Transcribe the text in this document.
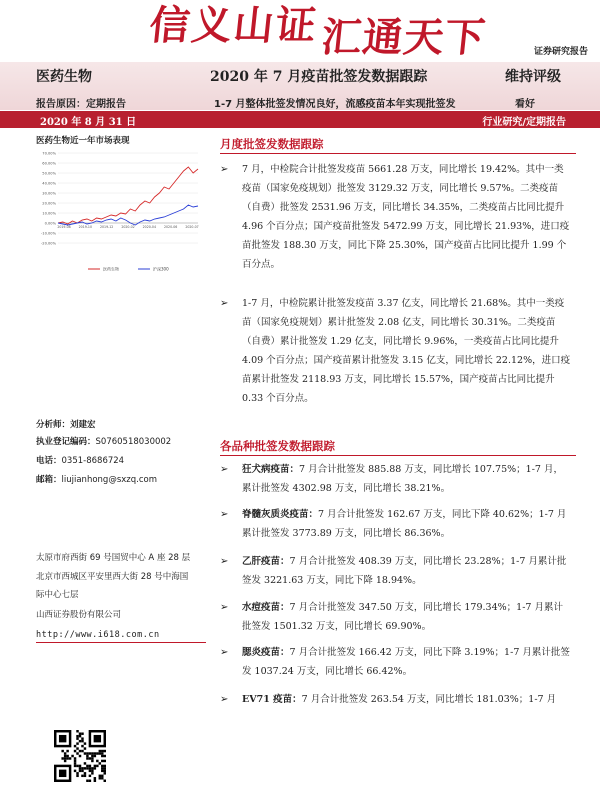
信义山证 汇通天下	证券研究报告
医药生物	2020 年 7 月疫苗批签发数据跟踪	维持评级
报告原因：定期报告	1-7 月整体批签发情况良好，流感疫苗本年实现批签发	看好
2020 年 8 月 31 日	行业研究/定期报告
医药生物近一年市场表现
70.00%
60.00%
50.00%
40.00%
30.00%
20.00%
10.00%
0.00%
-10.00%
-20.00%
2019-08	2019-10	2019-12	2020-02	2020-04	2020-06	2020-07
医药生物	沪深300
月度批签发数据跟踪
➢	7 月，中检院合计批签发疫苗 5661.28 万支，同比增长 19.42%。其中一类疫苗（国家免疫规划）批签发 3129.32 万支，同比增长 9.57%。二类疫苗（自费）批签发 2531.96 万支，同比增长 34.35%，二类疫苗占比同比提升 4.96 个百分点；国产疫苗批签发 5472.99 万支，同比增长 21.93%，进口疫苗批签发 188.30 万支，同比下降 25.30%，国产疫苗占比同比提升 1.99 个百分点。
➢	1-7 月，中检院累计批签发疫苗 3.37 亿支，同比增长 21.68%。其中一类疫苗（国家免疫规划）累计批签发 2.08 亿支，同比增长 30.31%。二类疫苗（自费）累计批签发 1.29 亿支，同比增长 9.96%，一类疫苗占比同比提升 4.09 个百分点；国产疫苗累计批签发 3.15 亿支，同比增长 22.12%，进口疫苗累计批签发 2118.93 万支，同比增长 15.57%，国产疫苗占比同比提升 0.33 个百分点。
各品种批签发数据跟踪
➢	狂犬病疫苗：7 月合计批签发 885.88 万支，同比增长 107.75%；1-7 月，累计批签发 4302.98 万支，同比增长 38.21%。
➢	脊髓灰质炎疫苗：7 月合计批签发 162.67 万支，同比下降 40.62%；1-7 月累计批签发 3773.89 万支，同比增长 86.36%。
➢	乙肝疫苗：7 月合计批签发 408.39 万支，同比增长 23.28%；1-7 月累计批签发 3221.63 万支，同比下降 18.94%。
➢	水痘疫苗：7 月合计批签发 347.50 万支，同比增长 179.34%；1-7 月累计批签发 1501.32 万支，同比增长 69.90%。
➢	腮炎疫苗：7 月合计批签发 166.42 万支，同比下降 3.19%；1-7 月累计批签发 1037.24 万支，同比增长 66.42%。
➢	EV71 疫苗：7 月合计批签发 263.54 万支，同比增长 181.03%；1-7 月
分析师：刘建宏
执业登记编码：S0760518030002
电话：0351-8686724
邮箱：liujianhong@sxzq.com
太原市府西街 69 号国贸中心 A 座 28 层
北京市西城区平安里西大街 28 号中海国
际中心七层
山西证券股份有限公司
http://www.i618.com.cn
